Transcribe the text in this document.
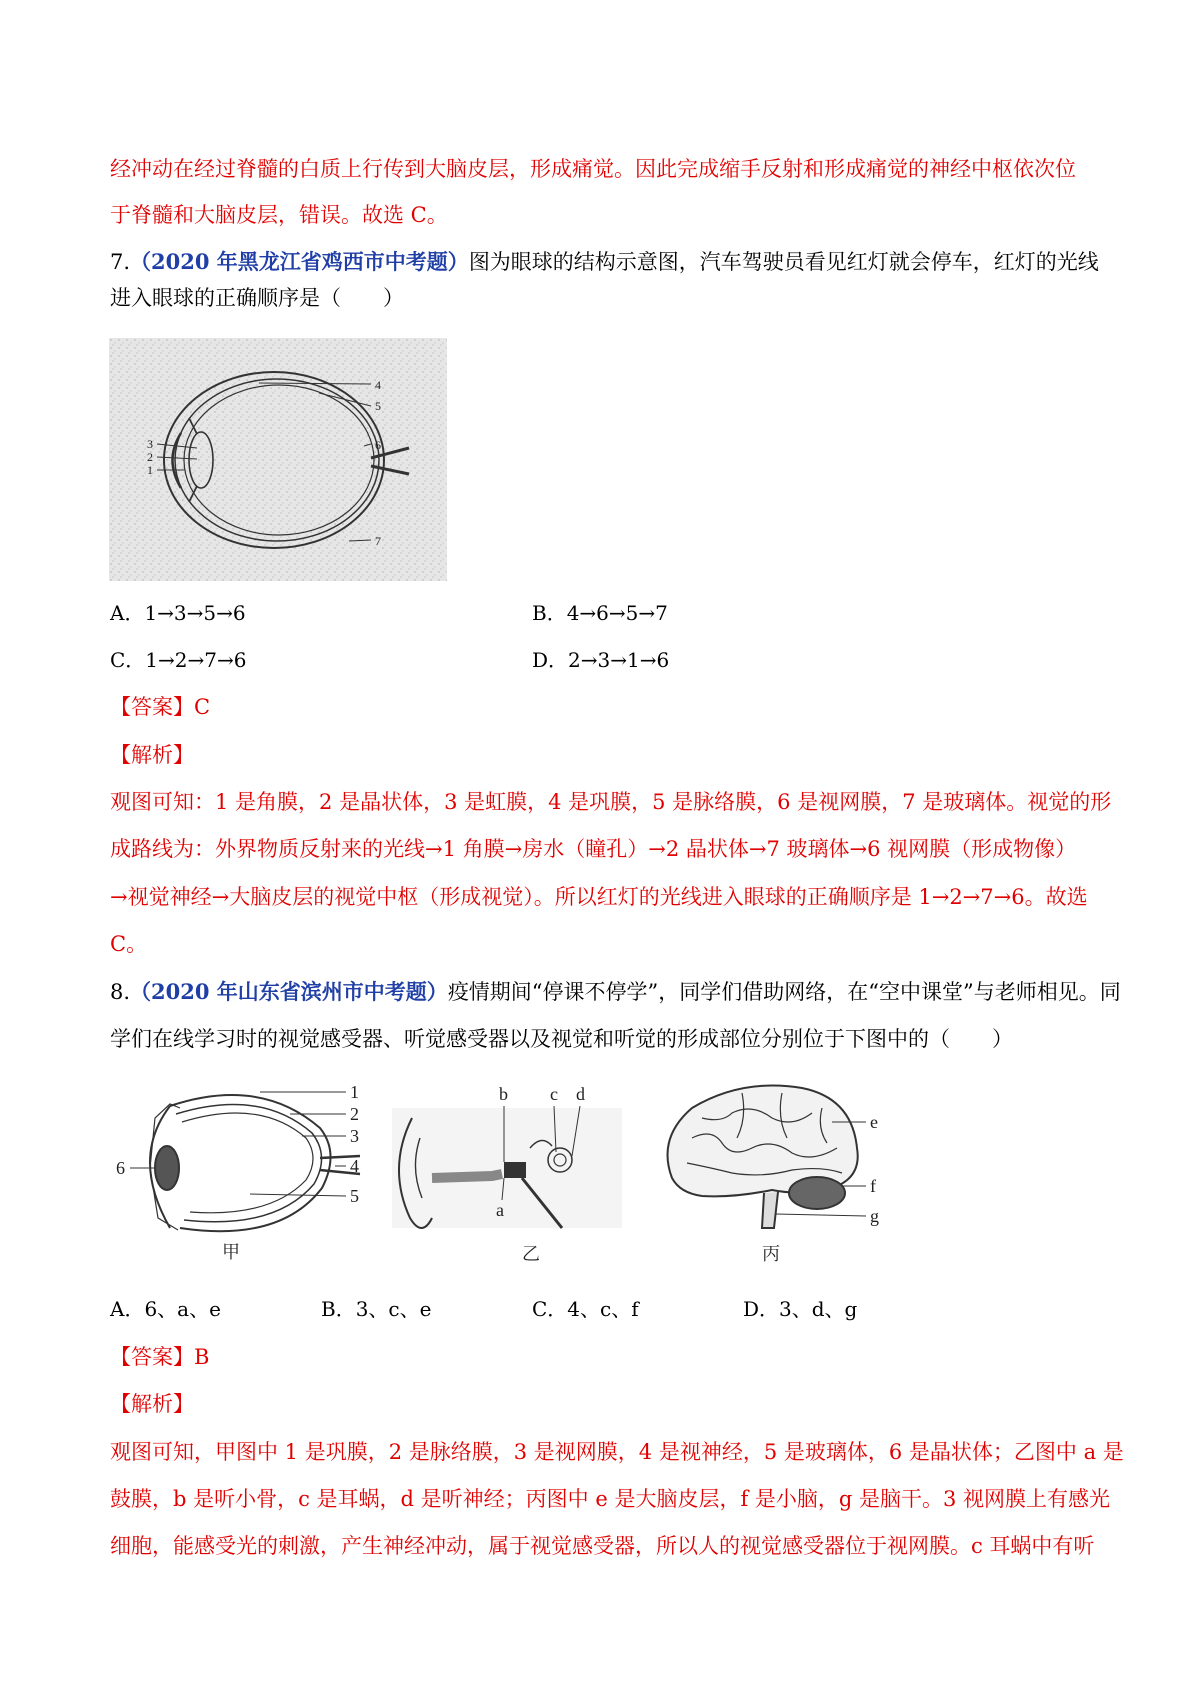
经冲动在经过脊髓的白质上行传到大脑皮层，形成痛觉。因此完成缩手反射和形成痛觉的神经中枢依次位
于脊髓和大脑皮层，错误。故选 C。
7.（2020 年黑龙江省鸡西市中考题）图为眼球的结构示意图，汽车驾驶员看见红灯就会停车，红灯的光线
进入眼球的正确顺序是（　　）
4
5
6
7
3
2
1
A．1→3→5→6	B．4→6→5→7
C．1→2→7→6	D．2→3→1→6
【答案】C
【解析】
观图可知：1 是角膜，2 是晶状体，3 是虹膜，4 是巩膜，5 是脉络膜，6 是视网膜，7 是玻璃体。视觉的形
成路线为：外界物质反射来的光线→1 角膜→房水（瞳孔）→2 晶状体→7 玻璃体→6 视网膜（形成物像）
→视觉神经→大脑皮层的视觉中枢（形成视觉）。所以红灯的光线进入眼球的正确顺序是 1→2→7→6。故选
C。
8.（2020 年山东省滨州市中考题）疫情期间“停课不停学”，同学们借助网络，在“空中课堂”与老师相见。同
学们在线学习时的视觉感受器、听觉感受器以及视觉和听觉的形成部位分别位于下图中的（　　）
1
2
3
4
5
6
甲
b c d
a
乙
e
f
g
丙
A．6、a、e	B．3、c、e	C．4、c、f	D．3、d、g
【答案】B
【解析】
观图可知，甲图中 1 是巩膜，2 是脉络膜，3 是视网膜，4 是视神经，5 是玻璃体，6 是晶状体；乙图中 a 是
鼓膜，b 是听小骨，c 是耳蜗，d 是听神经；丙图中 e 是大脑皮层，f 是小脑，g 是脑干。3 视网膜上有感光
细胞，能感受光的刺激，产生神经冲动，属于视觉感受器，所以人的视觉感受器位于视网膜。c 耳蜗中有听
